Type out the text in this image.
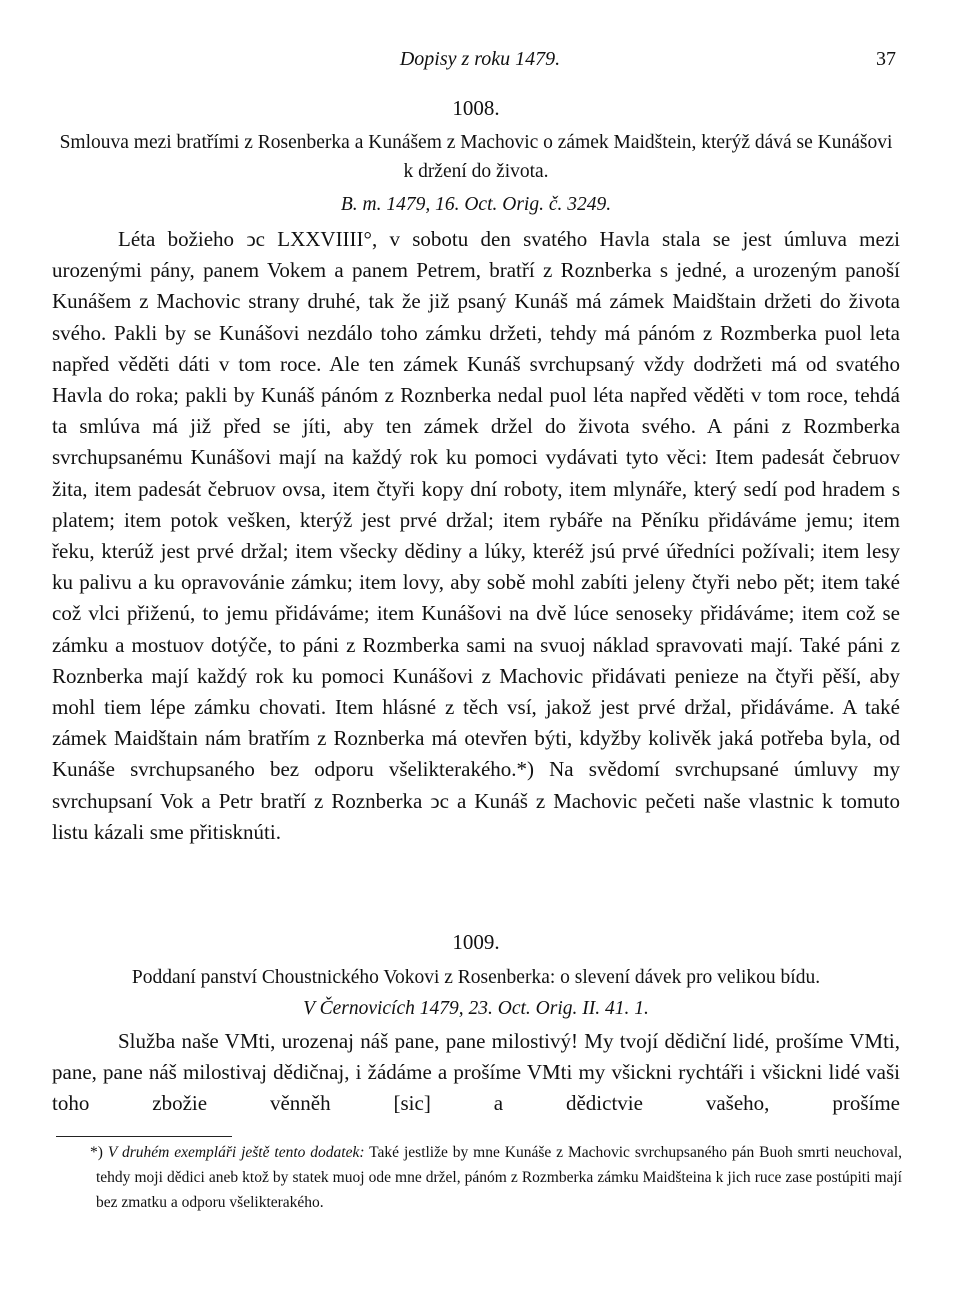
Dopisy z roku 1479.	37
1008.
Smlouva mezi bratřími z Rosenberka a Kunášem z Machovic o zámek Maidštein, kterýž dává se Kunášovi k držení do života.
B. m. 1479, 16. Oct. Orig. č. 3249.

Léta božieho ↄc LXXVIIII°, v sobotu den svatého Havla stala se jest úmluva mezi urozenými pány, panem Vokem a panem Petrem, bratří z Roznberka s jedné, a urozeným panoší Kunášem z Machovic strany druhé, tak že již psaný Kunáš má zámek Maidštain držeti do života svého. Pakli by se Kunášovi nezdálo toho zámku držeti, tehdy má pánóm z Rozmberka puol leta napřed věděti dáti v tom roce. Ale ten zámek Kunáš svrchupsaný vždy dodržeti má od svatého Havla do roka; pakli by Kunáš pánóm z Roznberka nedal puol léta napřed věděti v tom roce, tehdá ta smlúva má již před se jíti, aby ten zámek držel do života svého. A páni z Rozmberka svrchupsanému Kunášovi mají na každý rok ku pomoci vydávati tyto věci: Item padesát čebruov žita, item padesát čebruov ovsa, item čtyři kopy dní roboty, item mlynáře, který sedí pod hradem s platem; item potok vešken, kterýž jest prvé držal; item rybáře na Pěníku přidáváme jemu; item řeku, kterúž jest prvé držal; item všecky dědiny a lúky, kteréž jsú prvé úředníci požívali; item lesy ku palivu a ku opravovánie zámku; item lovy, aby sobě mohl zabíti jeleny čtyři nebo pět; item také což vlci přiženú, to jemu přidáváme; item Kunášovi na dvě lúce senoseky přidáváme; item což se zámku a mostuov dotýče, to páni z Rozmberka sami na svuoj náklad spravovati mají. Také páni z Roznberka mají každý rok ku pomoci Kunášovi z Machovic přidávati penieze na čtyři pěší, aby mohl tiem lépe zámku chovati. Item hlásné z těch vsí, jakož jest prvé držal, přidáváme. A také zámek Maidštain nám bratřím z Roznberka má otevřen býti, kdyžby kolivěk jaká potřeba byla, od Kunáše svrchupsaného bez odporu všelikterakého.*) Na svědomí svrchupsané úmluvy my svrchupsaní Vok a Petr bratří z Roznberka ↄc a Kunáš z Machovic pečeti naše vlastnic k tomuto listu kázali sme přitisknúti.

1009.
Poddaní panství Choustnického Vokovi z Rosenberka: o slevení dávek pro velikou bídu.
V Černovicích 1479, 23. Oct. Orig. II. 41. 1.

Služba naše VMti, urozenaj náš pane, pane milostivý! My tvojí dědiční lidé, prošíme VMti, pane, pane náš milostivaj dědičnaj, i žádáme a prošíme VMti my všickni rychtáři i všickni lidé vaši toho zbožie věnněh [sic] a dědictvie vašeho, prošíme

*) V druhém exempláři ještě tento dodatek: Také jestliže by mne Kunáše z Machovic svrchupsaného pán Buoh smrti neuchoval, tehdy moji dědici aneb ktož by statek muoj ode mne držel, pánóm z Rozmberka zámku Maidšteina k jich ruce zase postúpiti mají bez zmatku a odporu všelikterakého.
